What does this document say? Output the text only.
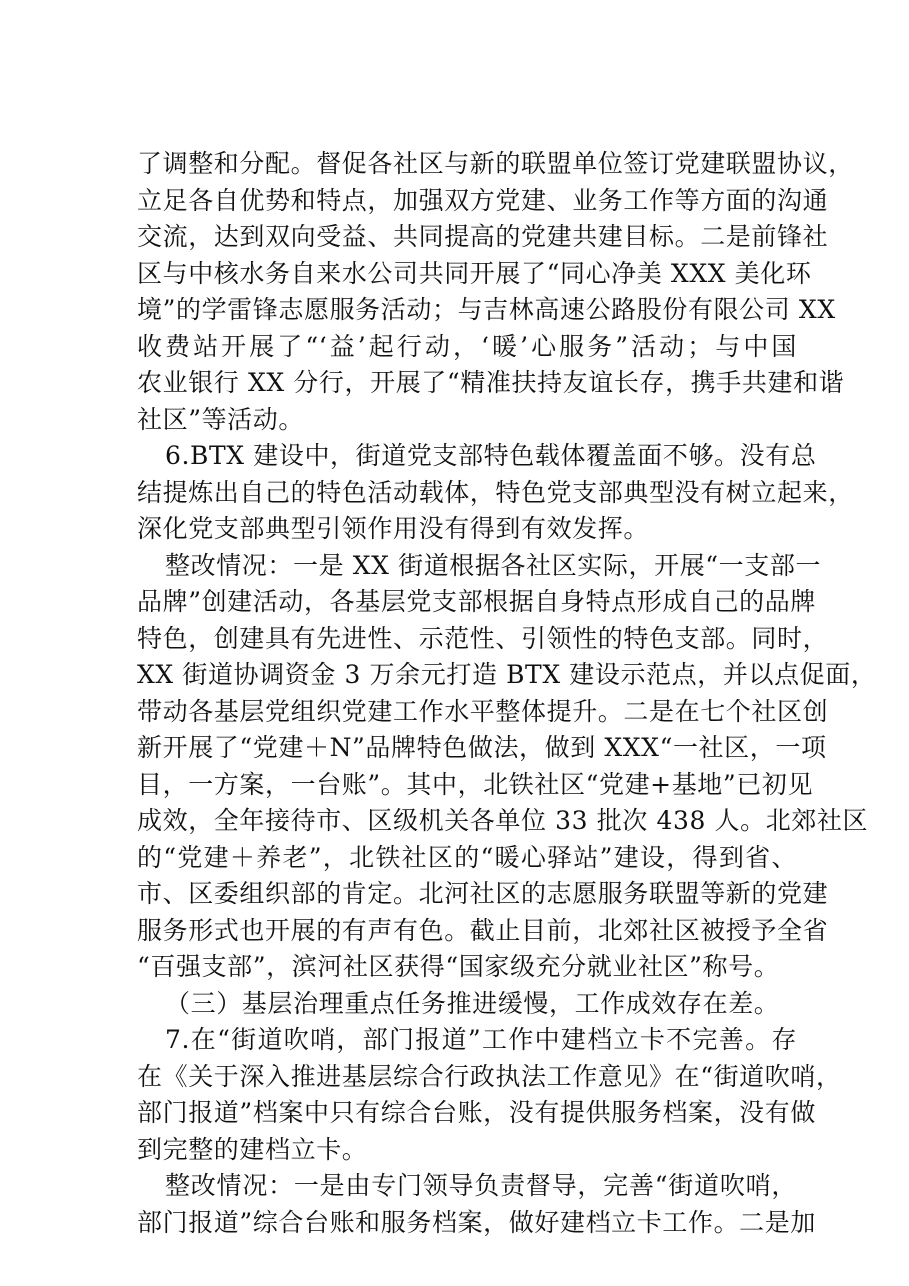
了调整和分配。督促各社区与新的联盟单位签订党建联盟协议，
立足各自优势和特点，加强双方党建、业务工作等方面的沟通
交流，达到双向受益、共同提高的党建共建目标。二是前锋社
区与中核水务自来水公司共同开展了“同心净美 XXX 美化环
境”的学雷锋志愿服务活动；与吉林高速公路股份有限公司 XX
收费站开展了“‘益’起行动，‘暖’心服务”活动；与中国
农业银行 XX 分行，开展了“精准扶持友谊长存，携手共建和谐
社区”等活动。
6.BTX 建设中，街道党支部特色载体覆盖面不够。没有总
结提炼出自己的特色活动载体，特色党支部典型没有树立起来，
深化党支部典型引领作用没有得到有效发挥。
整改情况：一是 XX 街道根据各社区实际，开展“一支部一
品牌”创建活动，各基层党支部根据自身特点形成自己的品牌
特色，创建具有先进性、示范性、引领性的特色支部。同时，
XX 街道协调资金 3 万余元打造 BTX 建设示范点，并以点促面，
带动各基层党组织党建工作水平整体提升。二是在七个社区创
新开展了“党建＋N”品牌特色做法，做到 XXX“一社区，一项
目，一方案，一台账”。其中，北铁社区“党建+基地”已初见
成效，全年接待市、区级机关各单位 33 批次 438 人。北郊社区
的“党建＋养老”，北铁社区的“暖心驿站”建设，得到省、
市、区委组织部的肯定。北河社区的志愿服务联盟等新的党建
服务形式也开展的有声有色。截止目前，北郊社区被授予全省
“百强支部”，滨河社区获得“国家级充分就业社区”称号。
（三）基层治理重点任务推进缓慢，工作成效存在差。
7.在“街道吹哨，部门报道”工作中建档立卡不完善。存
在《关于深入推进基层综合行政执法工作意见》在“街道吹哨，
部门报道”档案中只有综合台账，没有提供服务档案，没有做
到完整的建档立卡。
整改情况：一是由专门领导负责督导，完善“街道吹哨，
部门报道”综合台账和服务档案，做好建档立卡工作。二是加
